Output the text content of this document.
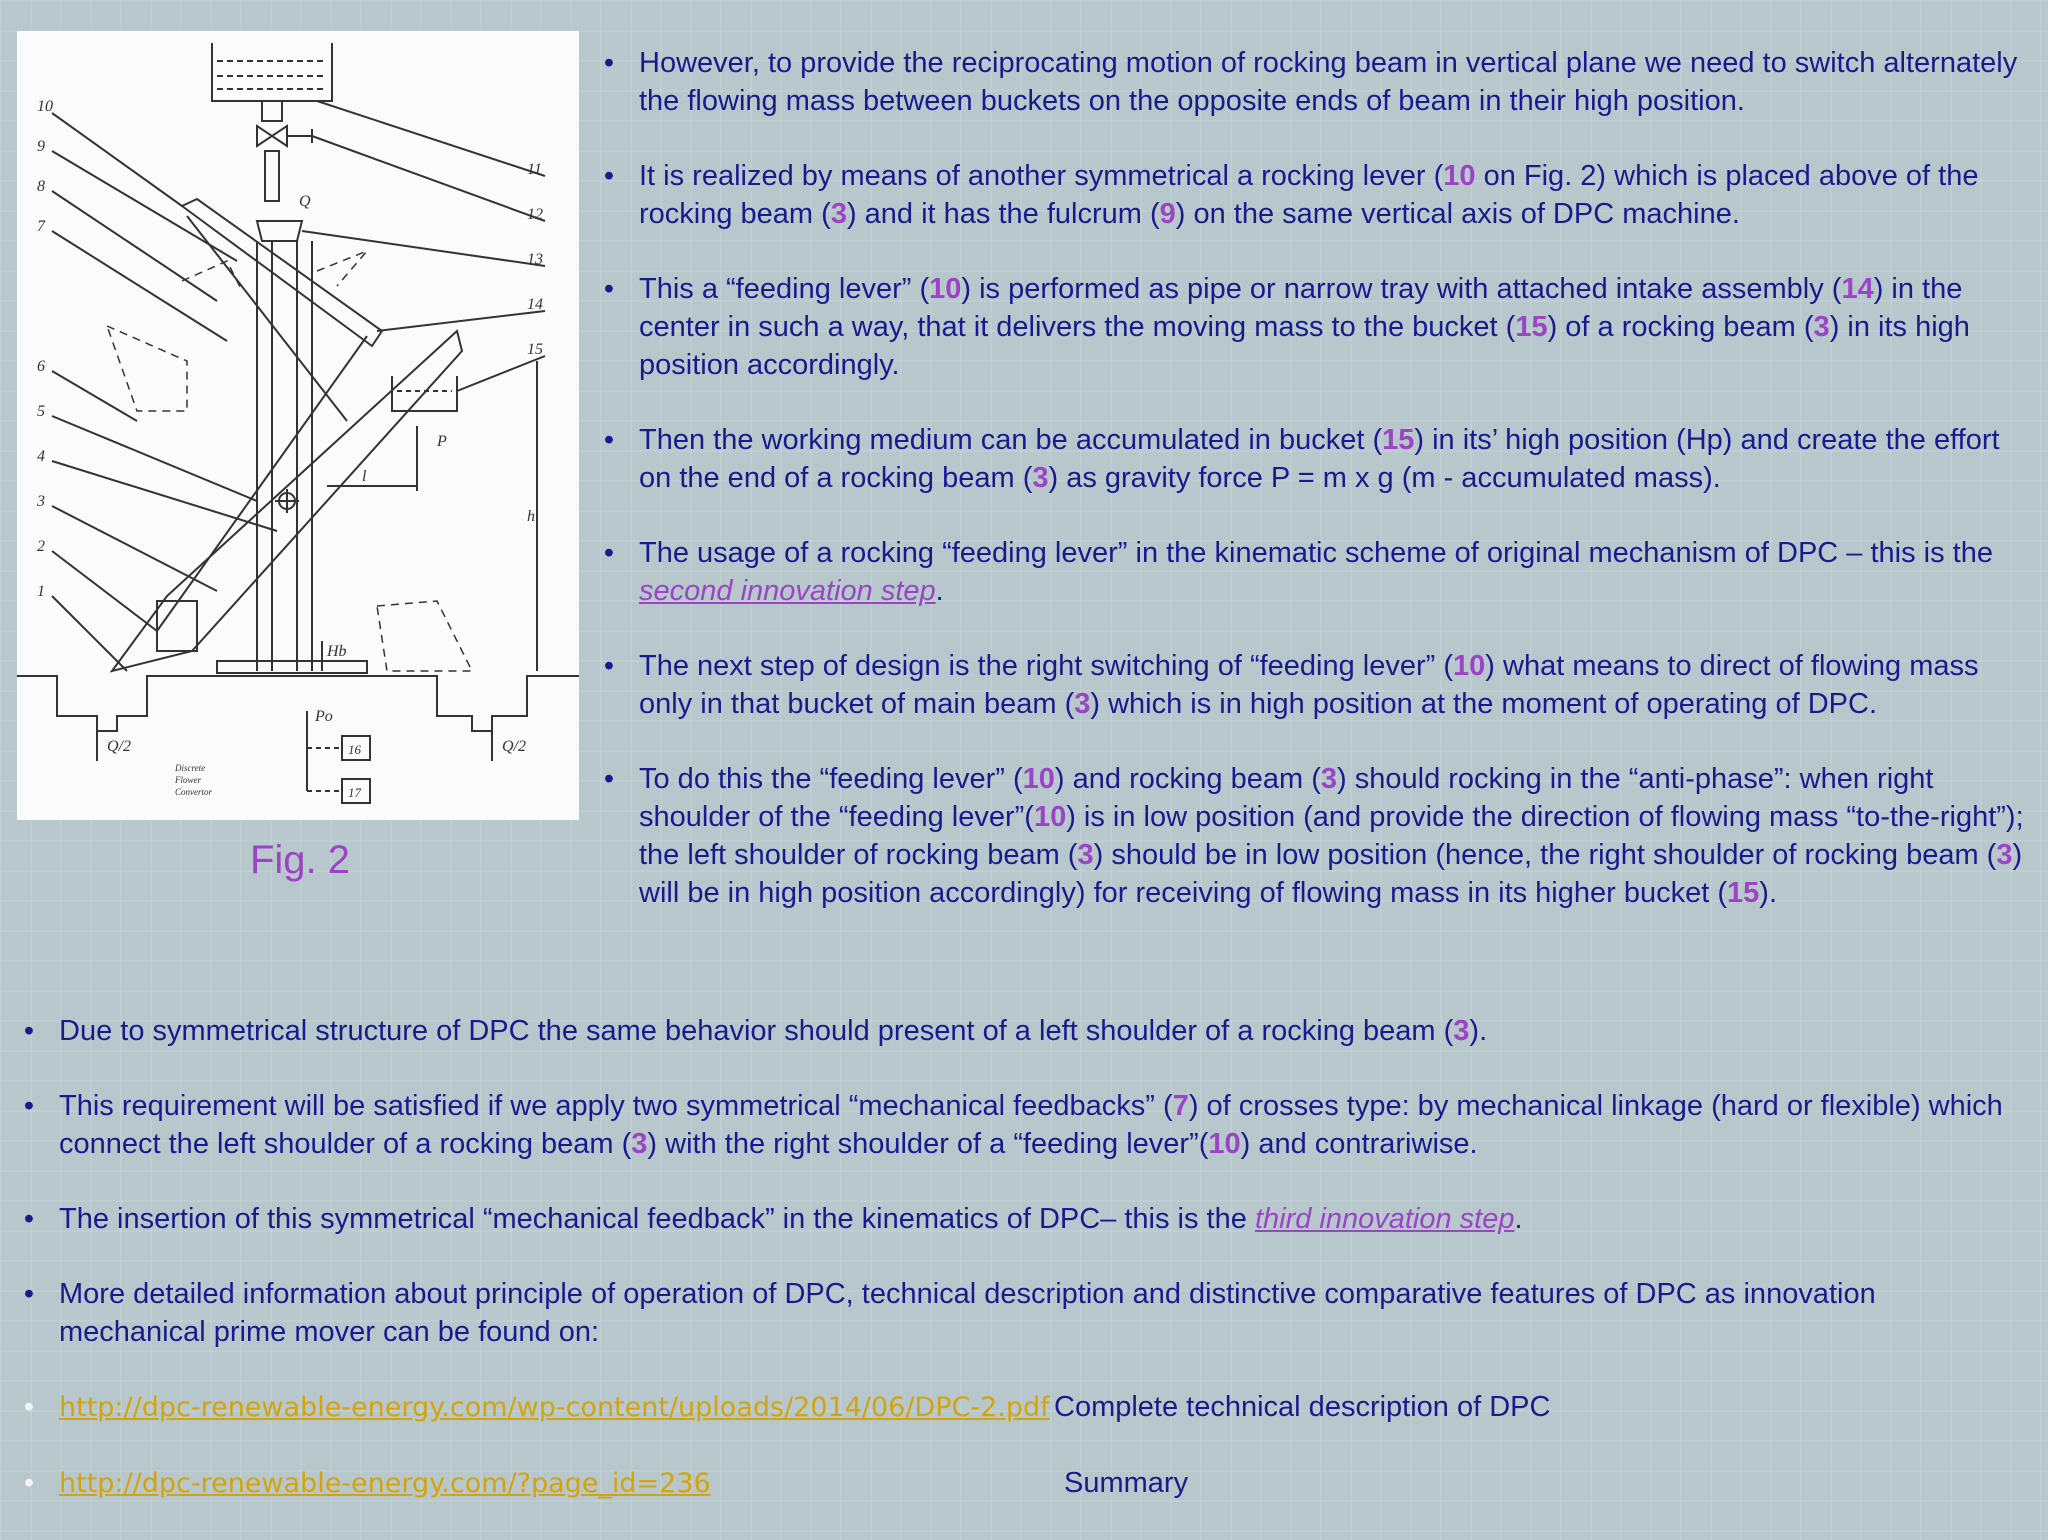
10
9
8
7
6
5
4
3
2
1
11
12
13
14
15
Q
P
l
h
Hb
Po
Q/2	Q/2
16
17
Discrete
Flower
Convertor
Fig. 2
• However, to provide the reciprocating motion of rocking beam in vertical plane we need to switch alternately the flowing mass between buckets on the opposite ends of beam in their high position.
• It is realized by means of another symmetrical a rocking lever (10 on Fig. 2) which is placed above of the rocking beam (3) and it has the fulcrum (9) on the same vertical axis of DPC machine.
• This a “feeding lever” (10) is performed as pipe or narrow tray with attached intake assembly (14) in the center in such a way, that it delivers the moving mass to the bucket (15) of a rocking beam (3) in its high position accordingly.
• Then the working medium can be accumulated in bucket (15) in its’ high position (Hp) and create the effort on the end of a rocking beam (3) as gravity force P = m x g (m - accumulated mass).
• The usage of a rocking “feeding lever” in the kinematic scheme of original mechanism of DPC – this is the second innovation step.
• The next step of design is the right switching of “feeding lever” (10) what means to direct of flowing mass only in that bucket of main beam (3) which is in high position at the moment of operating of DPC.
• To do this the “feeding lever” (10) and rocking beam (3) should rocking in the “anti-phase”: when right shoulder of the “feeding lever”(10) is in low position (and provide the direction of flowing mass “to-the-right”); the left shoulder of rocking beam (3) should be in low position (hence, the right shoulder of rocking beam (3) will be in high position accordingly) for receiving of flowing mass in its higher bucket (15).
• Due to symmetrical structure of DPC the same behavior should present of a left shoulder of a rocking beam (3).
• This requirement will be satisfied if we apply two symmetrical “mechanical feedbacks” (7) of crosses type: by mechanical linkage (hard or flexible) which connect the left shoulder of a rocking beam (3) with the right shoulder of a “feeding lever”(10) and contrariwise.
• The insertion of this symmetrical “mechanical feedback” in the kinematics of DPC– this is the third innovation step.
• More detailed information about principle of operation of DPC, technical description and distinctive comparative features of DPC as innovation mechanical prime mover can be found on:
• http://dpc-renewable-energy.com/wp-content/uploads/2014/06/DPC-2.pdf Complete technical description of DPC
• http://dpc-renewable-energy.com/?page_id=236	Summary
